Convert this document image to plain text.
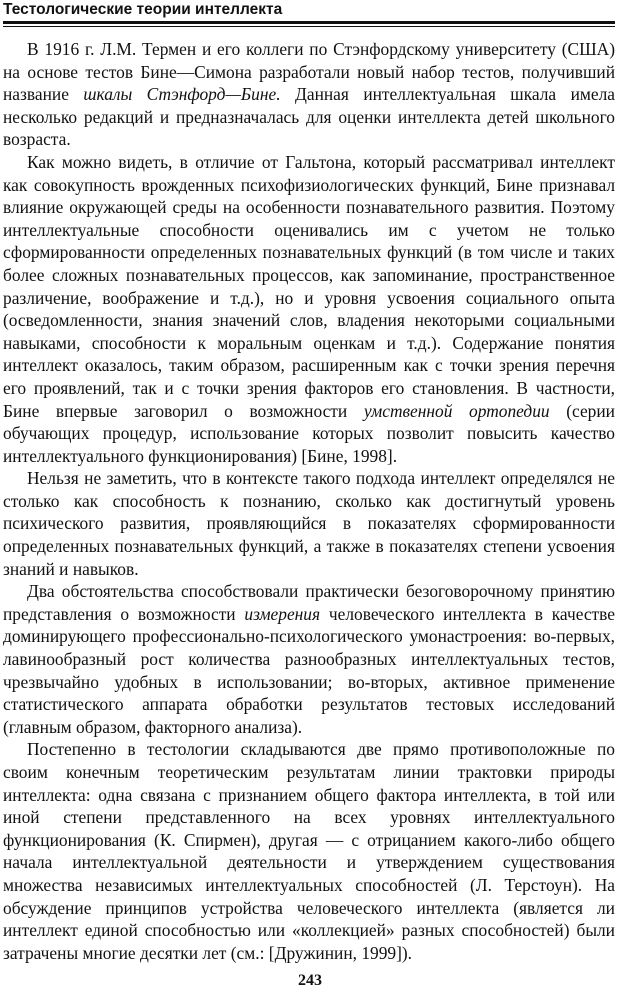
Тестологические теории интеллекта

В 1916 г. Л.М. Термен и его коллеги по Стэнфордскому университету (США) на основе тестов Бине—Симона разработали новый набор тестов, получивший название шкалы Стэнфорд—Бине. Данная интеллектуальная шкала имела несколько редакций и предназначалась для оценки интеллекта детей школьного возраста.

Как можно видеть, в отличие от Гальтона, который рассматривал интеллект как совокупность врожденных психофизиологических функций, Бине признавал влияние окружающей среды на особенности познавательного развития. Поэтому интеллектуальные способности оценивались им с учетом не только сформированности определенных познавательных функций (в том числе и таких более сложных познавательных процессов, как запоминание, пространственное различение, воображение и т.д.), но и уровня усвоения социального опыта (осведомленности, знания значений слов, владения некоторыми социальными навыками, способности к моральным оценкам и т.д.). Содержание понятия интеллект оказалось, таким образом, расширенным как с точки зрения перечня его проявлений, так и с точки зрения факторов его становления. В частности, Бине впервые заговорил о возможности умственной ортопедии (серии обучающих процедур, использование которых позволит повысить качество интеллектуального функционирования) [Бине, 1998].

Нельзя не заметить, что в контексте такого подхода интеллект определялся не столько как способность к познанию, сколько как достигнутый уровень психического развития, проявляющийся в показателях сформированности определенных познавательных функций, а также в показателях степени усвоения знаний и навыков.

Два обстоятельства способствовали практически безоговорочному принятию представления о возможности измерения человеческого интеллекта в качестве доминирующего профессионально-психологического умонастроения: во-первых, лавинообразный рост количества разнообразных интеллектуальных тестов, чрезвычайно удобных в использовании; во-вторых, активное применение статистического аппарата обработки результатов тестовых исследований (главным образом, факторного анализа).

Постепенно в тестологии складываются две прямо противоположные по своим конечным теоретическим результатам линии трактовки природы интеллекта: одна связана с признанием общего фактора интеллекта, в той или иной степени представленного на всех уровнях интеллектуального функционирования (К. Спирмен), другая — с отрицанием какого-либо общего начала интеллектуальной деятельности и утверждением существования множества независимых интеллектуальных способностей (Л. Терстоун). На обсуждение принципов устройства человеческого интеллекта (является ли интеллект единой способностью или «коллекцией» разных способностей) были затрачены многие десятки лет (см.: [Дружинин, 1999]).

243
